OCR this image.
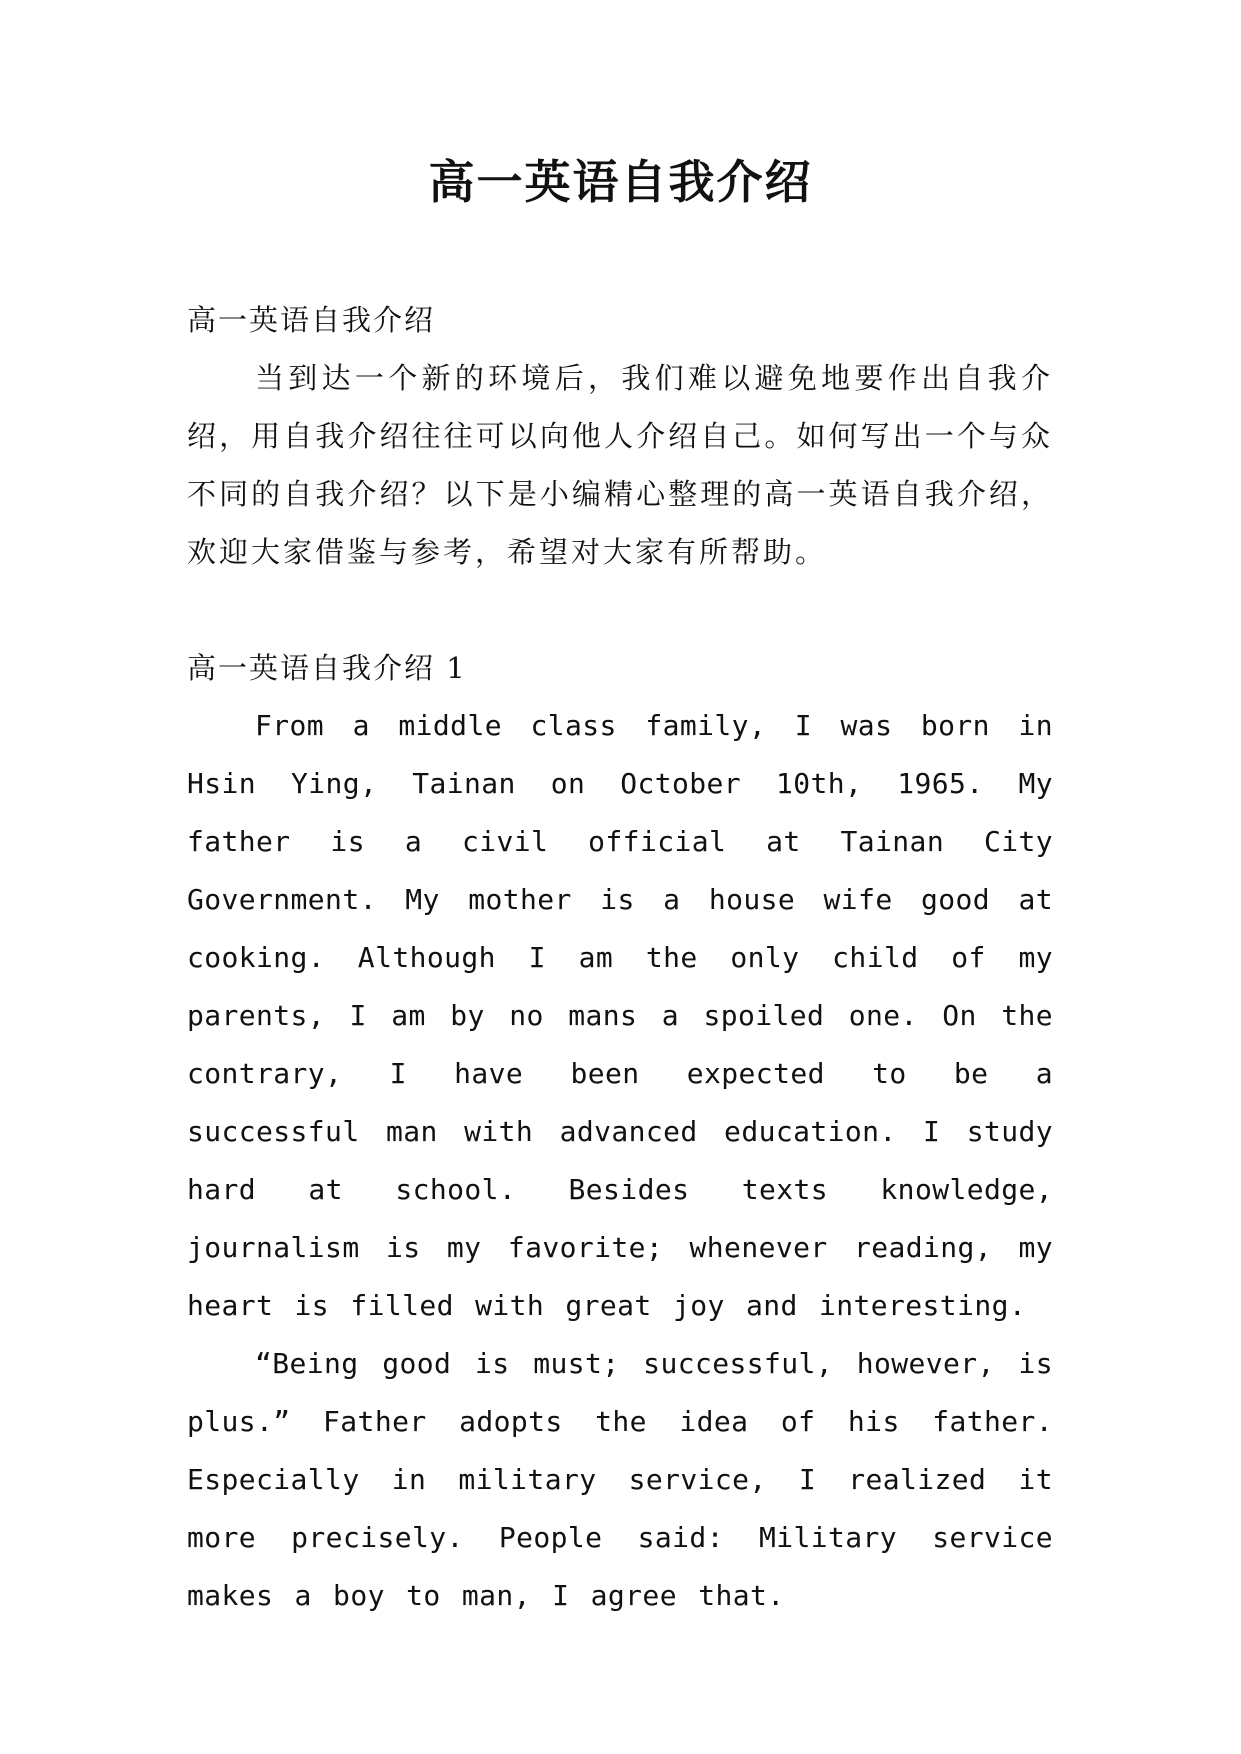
高一英语自我介绍

高一英语自我介绍

当到达一个新的环境后，我们难以避免地要作出自我介绍，用自我介绍往往可以向他人介绍自己。如何写出一个与众不同的自我介绍？以下是小编精心整理的高一英语自我介绍，欢迎大家借鉴与参考，希望对大家有所帮助。

高一英语自我介绍 1

From a middle class family, I was born in Hsin Ying, Tainan on October 10th, 1965. My father is a civil official at Tainan City Government. My mother is a house wife good at cooking. Although I am the only child of my parents, I am by no mans a spoiled one. On the contrary, I have been expected to be a successful man with advanced education. I study hard at school. Besides texts knowledge, journalism is my favorite; whenever reading, my heart is filled with great joy and interesting.

“Being good is must; successful, however, is plus.” Father adopts the idea of his father. Especially in military service, I realized it more precisely. People said: Military service makes a boy to man, I agree that.
